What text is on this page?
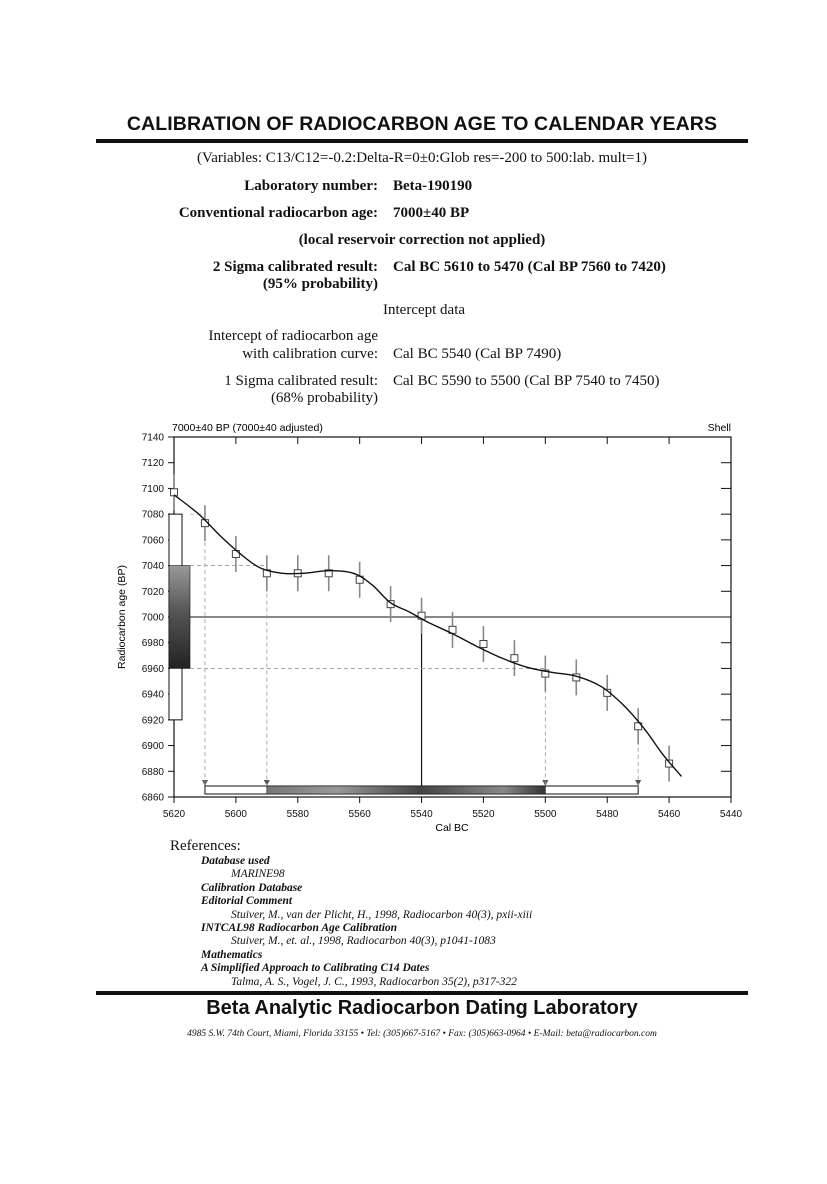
CALIBRATION OF RADIOCARBON AGE TO CALENDAR YEARS
(Variables: C13/C12=-0.2:Delta-R=0±0:Glob res=-200 to 500:lab. mult=1)
Laboratory number: Beta-190190
Conventional radiocarbon age: 7000±40 BP
(local reservoir correction not applied)
2 Sigma calibrated result:
(95% probability)
Cal BC 5610 to 5470 (Cal BP 7560 to 7420)
Intercept data
Intercept of radiocarbon age
with calibration curve: Cal BC 5540 (Cal BP 7490)
1 Sigma calibrated result:
(68% probability)
Cal BC 5590 to 5500 (Cal BP 7540 to 7450)
7000±40 BP (7000±40 adjusted)	Shell
7140
7120
7100
7080
7060
7040
7020
7000
6980
6960
6940
6920
6900
6880
6860
5620	5600	5580	5560	5540	5520	5500	5480	5460	5440
Cal BC
Radiocarbon age (BP)
References:
Database used
MARINE98
Calibration Database
Editorial Comment
Stuiver, M., van der Plicht, H., 1998, Radiocarbon 40(3), pxii-xiii
INTCAL98 Radiocarbon Age Calibration
Stuiver, M., et. al., 1998, Radiocarbon 40(3), p1041-1083
Mathematics
A Simplified Approach to Calibrating C14 Dates
Talma, A. S., Vogel, J. C., 1993, Radiocarbon 35(2), p317-322
Beta Analytic Radiocarbon Dating Laboratory
4985 S.W. 74th Court, Miami, Florida 33155 • Tel: (305)667-5167 • Fax: (305)663-0964 • E-Mail: beta@radiocarbon.com
